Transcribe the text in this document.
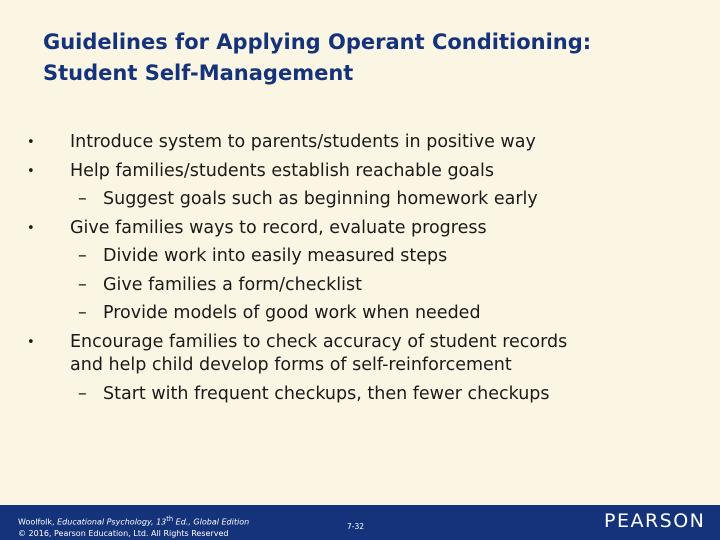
Guidelines for Applying Operant Conditioning:
Student Self-Management
• Introduce system to parents/students in positive way
• Help families/students establish reachable goals
– Suggest goals such as beginning homework early
• Give families ways to record, evaluate progress
– Divide work into easily measured steps
– Give families a form/checklist
– Provide models of good work when needed
• Encourage families to check accuracy of student records
and help child develop forms of self-reinforcement
– Start with frequent checkups, then fewer checkups
Woolfolk, Educational Psychology, 13th Ed., Global Edition
© 2016, Pearson Education, Ltd. All Rights Reserved
7-32	PEARSON
